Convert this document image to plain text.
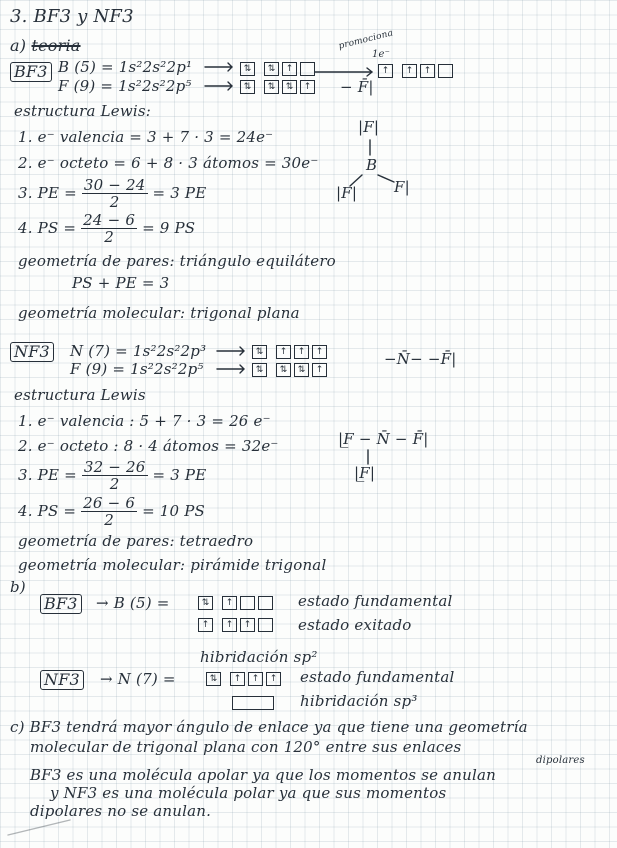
3. BF3 y NF3
a) teoria
BF3 B (5) = 1s²2s²2p¹
F (9) = 1s²2s²2p⁵
⇅	⇅	↑
⇅	⇅	⇅	↑
promociona
1e⁻
↑	↑	↑
− F̄|
estructura Lewis:
1. e⁻ valencia = 3 + 7 · 3 = 24e⁻
2. e⁻ octeto = 6 + 8 · 3 átomos = 30e⁻
3. PE = $\frac{30 - 24}{2} = 3$ PE
4. PS = $\frac{24 - 6}{2} = 9$ PS
|F|
B
|F| F|
geometría de pares: triángulo equilátero
PS + PE = 3
geometría molecular: trigonal plana
NF3 N (7) = 1s²2s²2p³
F (9) = 1s²2s²2p⁵
⇅	↑	↑	↑
⇅	⇅	⇅	↑
−N̄− −F̄|
estructura Lewis
1. e⁻ valencia : 5 + 7 · 3 = 26 e⁻
2. e⁻ octeto : 8 · 4 átomos = 32e⁻
3. PE = $\frac{32 - 26}{2} = 3$ PE
4. PS = $\frac{26 - 6}{2} = 10$ PS
|F̲ − N̄ − F̄|
|F̲|
geometría de pares: tetraedro
geometría molecular: pirámide trigonal
b)
BF3 → B (5) =	⇅	↑	estado fundamental
↑	↑	↑	estado exitado
hibridación sp²
NF3 → N (7) =	⇅	↑	↑	↑ estado fundamental
hibridación sp³
c) BF3 tendrá mayor ángulo de enlace ya que tiene una geometría
molecular de trigonal plana con 120° entre sus enlaces
dipolares
BF3 es una molécula apolar ya que los momentos se anulan
y NF3 es una molécula polar ya que sus momentos
dipolares no se anulan.
